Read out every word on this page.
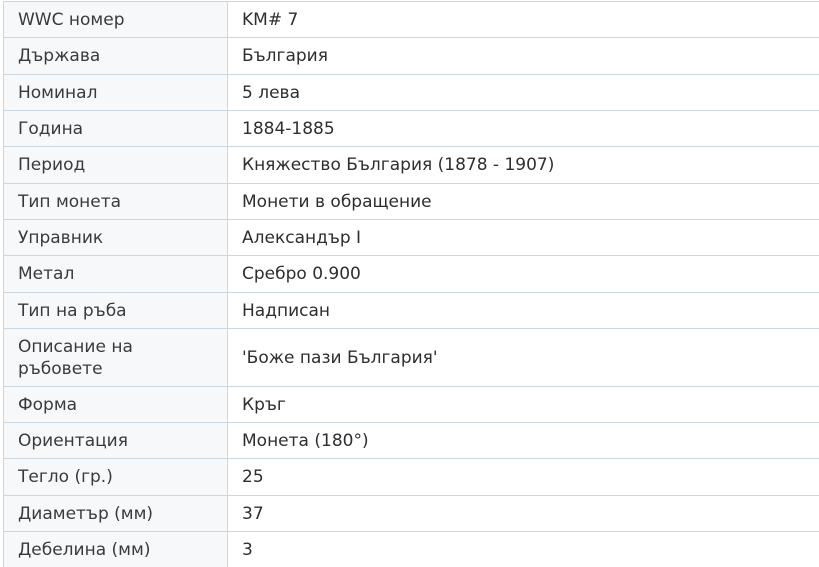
WWC номер	KM# 7
Държава	България
Номинал	5 лева
Година	1884-1885
Период	Княжество България (1878 - 1907)
Тип монета	Монети в обращение
Управник	Александър I
Метал	Сребро 0.900
Тип на ръба	Надписан
Описание на ръбовете	'Боже пази България'
Форма	Кръг
Ориентация	Монета (180°)
Тегло (гр.)	25
Диаметър (мм)	37
Дебелина (мм)	3
